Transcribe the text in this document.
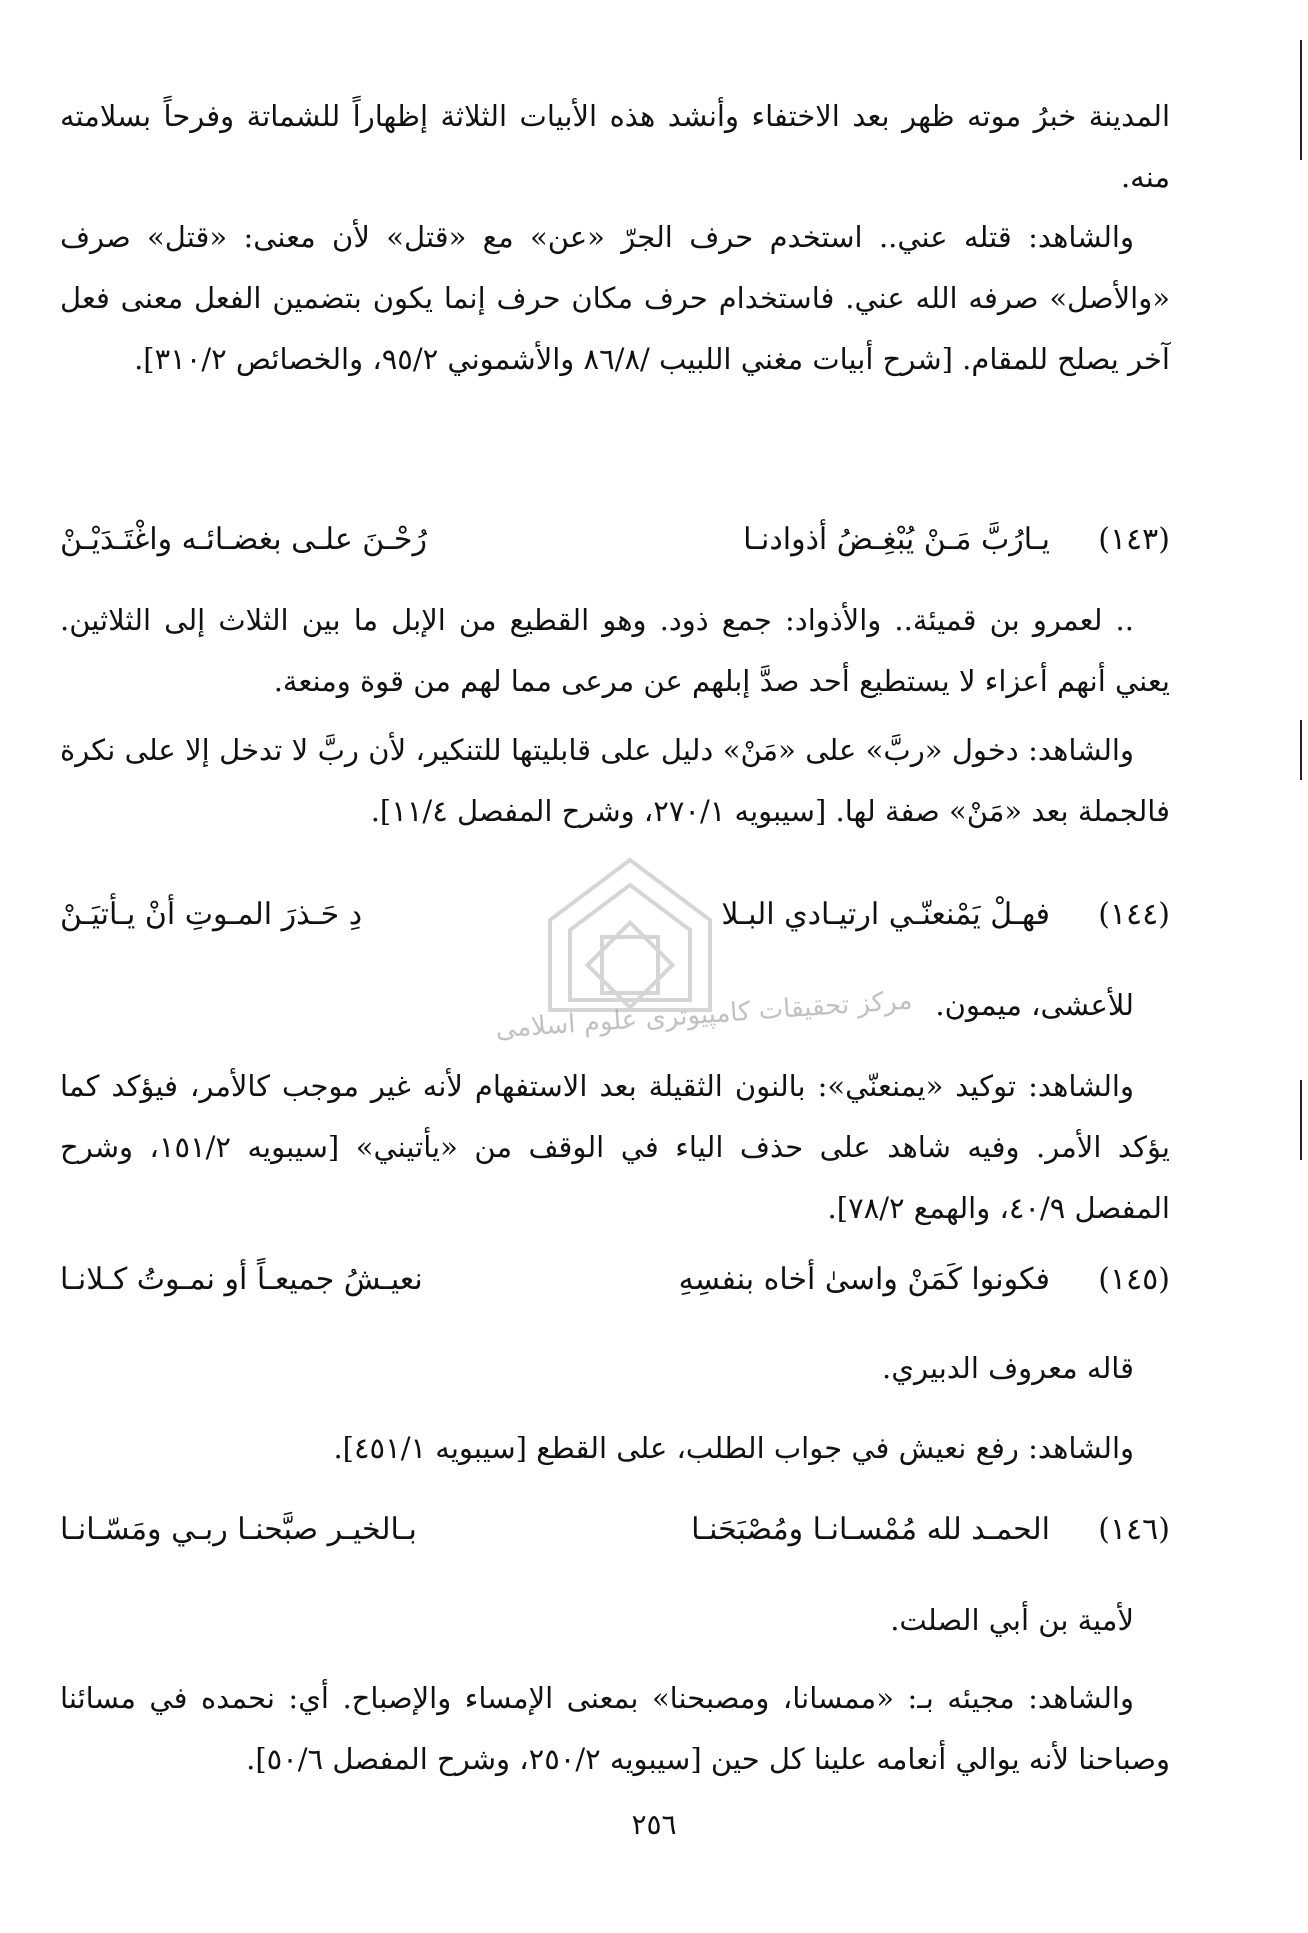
المدينة خبرُ موته ظهر بعد الاختفاء وأنشد هذه الأبيات الثلاثة إظهاراً للشماتة وفرحاً بسلامته منه.

والشاهد: قتله عني.. استخدم حرف الجرّ «عن» مع «قتل» لأن معنى: «قتل» صرف «والأصل» صرفه الله عني. فاستخدام حرف مكان حرف إنما يكون بتضمين الفعل معنى فعل آخر يصلح للمقام. [شرح أبيات مغني اللبيب /٨٦/٨ والأشموني ٩٥/٢، والخصائص ٣١٠/٢].

(١٤٣)
يـارُبَّ مَـنْ يُبْغِـضُ أذوادنـا
رُحْـنَ علـى بغضـائـه واغْتَـدَيْـنْ

.. لعمرو بن قميئة.. والأذواد: جمع ذود. وهو القطيع من الإبل ما بين الثلاث إلى الثلاثين. يعني أنهم أعزاء لا يستطيع أحد صدَّ إبلهم عن مرعى مما لهم من قوة ومنعة.

والشاهد: دخول «ربَّ» على «مَنْ» دليل على قابليتها للتنكير، لأن ربَّ لا تدخل إلا على نكرة فالجملة بعد «مَنْ» صفة لها. [سيبويه ٢٧٠/١، وشرح المفصل ١١/٤].

(١٤٤)
فهـلْ يَمْنعنّـي ارتيـادي البـلا
دِ حَـذرَ المـوتِ أنْ يـأتيَـنْ
للأعشى، ميمون.

والشاهد: توكيد «يمنعنّي»: بالنون الثقيلة بعد الاستفهام لأنه غير موجب كالأمر، فيؤكد كما يؤكد الأمر. وفيه شاهد على حذف الياء في الوقف من «يأتيني» [سيبويه ١٥١/٢، وشرح المفصل ٤٠/٩، والهمع ٧٨/٢].

(١٤٥)
فكونوا كَمَنْ واسىٰ أخاه بنفسِهِ
نعيـشُ جميعـاً أو نمـوتُ كـلانـا
قاله معروف الدبيري.

والشاهد: رفع نعيش في جواب الطلب، على القطع [سيبويه ٤٥١/١].

(١٤٦)
الحمـد لله مُمْسـانـا ومُصْبَحَنـا
بـالخيـر صبَّحنـا ربـي ومَسّـانـا
لأمية بن أبي الصلت.

والشاهد: مجيئه بـ: «ممسانا، ومصبحنا» بمعنى الإمساء والإصباح. أي: نحمده في مسائنا وصباحنا لأنه يوالي أنعامه علينا كل حين [سيبويه ٢٥٠/٢، وشرح المفصل ٥٠/٦].

٢٥٦
مرکز تحقیقات کامپیوتری علوم اسلامی
